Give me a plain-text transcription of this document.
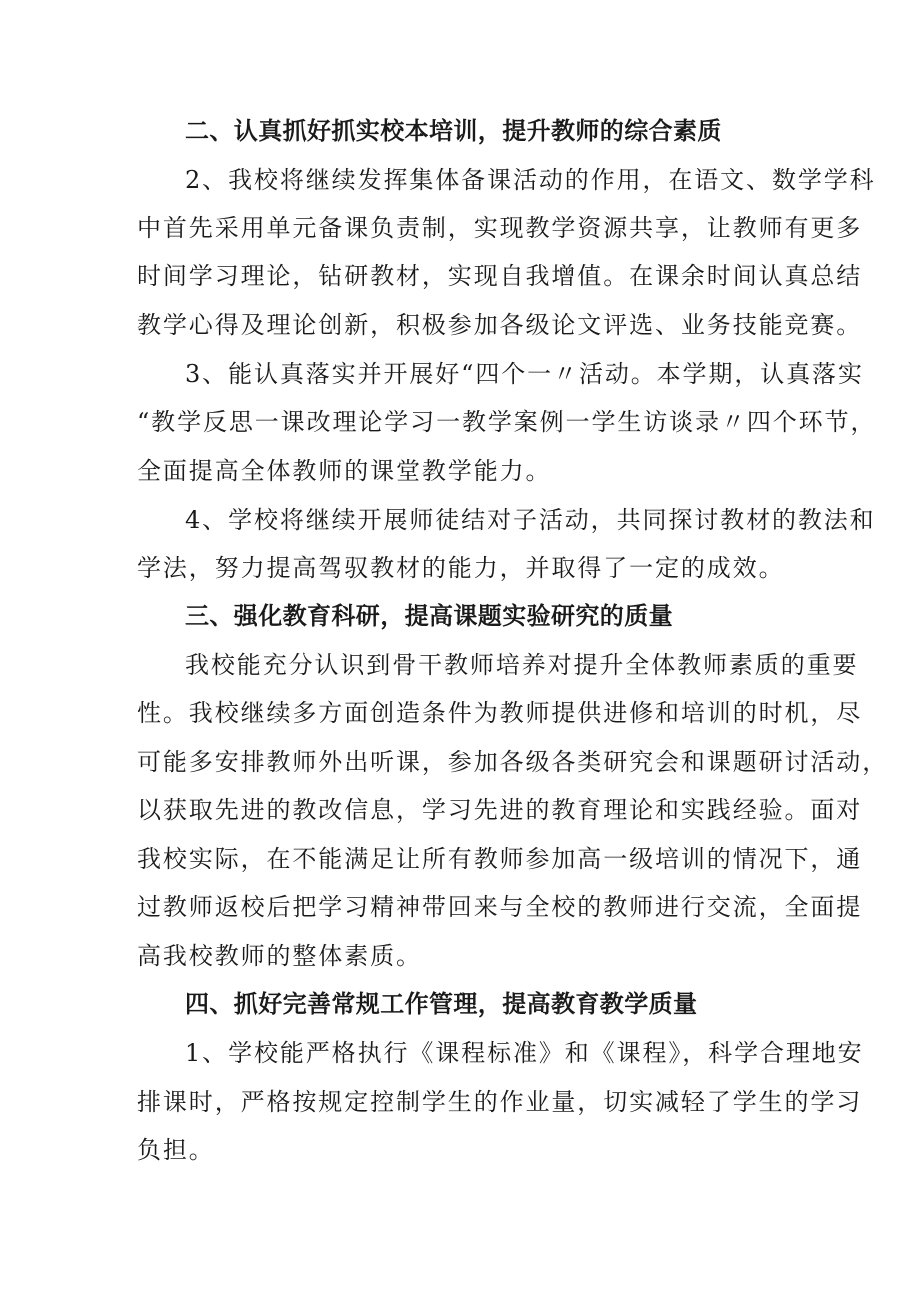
二、认真抓好抓实校本培训，提升教师的综合素质
2、我校将继续发挥集体备课活动的作用，在语文、数学学科
中首先采用单元备课负责制，实现教学资源共享，让教师有更多
时间学习理论，钻研教材，实现自我增值。在课余时间认真总结
教学心得及理论创新，积极参加各级论文评选、业务技能竞赛。
3、能认真落实并开展好“四个一〃活动。本学期，认真落实
“教学反思一课改理论学习一教学案例一学生访谈录〃四个环节，
全面提高全体教师的课堂教学能力。
4、学校将继续开展师徒结对子活动，共同探讨教材的教法和
学法，努力提高驾驭教材的能力，并取得了一定的成效。
三、强化教育科研，提高课题实验研究的质量
我校能充分认识到骨干教师培养对提升全体教师素质的重要
性。我校继续多方面创造条件为教师提供进修和培训的时机，尽
可能多安排教师外出听课，参加各级各类研究会和课题研讨活动，
以获取先进的教改信息，学习先进的教育理论和实践经验。面对
我校实际，在不能满足让所有教师参加高一级培训的情况下，通
过教师返校后把学习精神带回来与全校的教师进行交流，全面提
高我校教师的整体素质。
四、抓好完善常规工作管理，提高教育教学质量
1、学校能严格执行《课程标准》和《课程》，科学合理地安
排课时，严格按规定控制学生的作业量，切实减轻了学生的学习
负担。
